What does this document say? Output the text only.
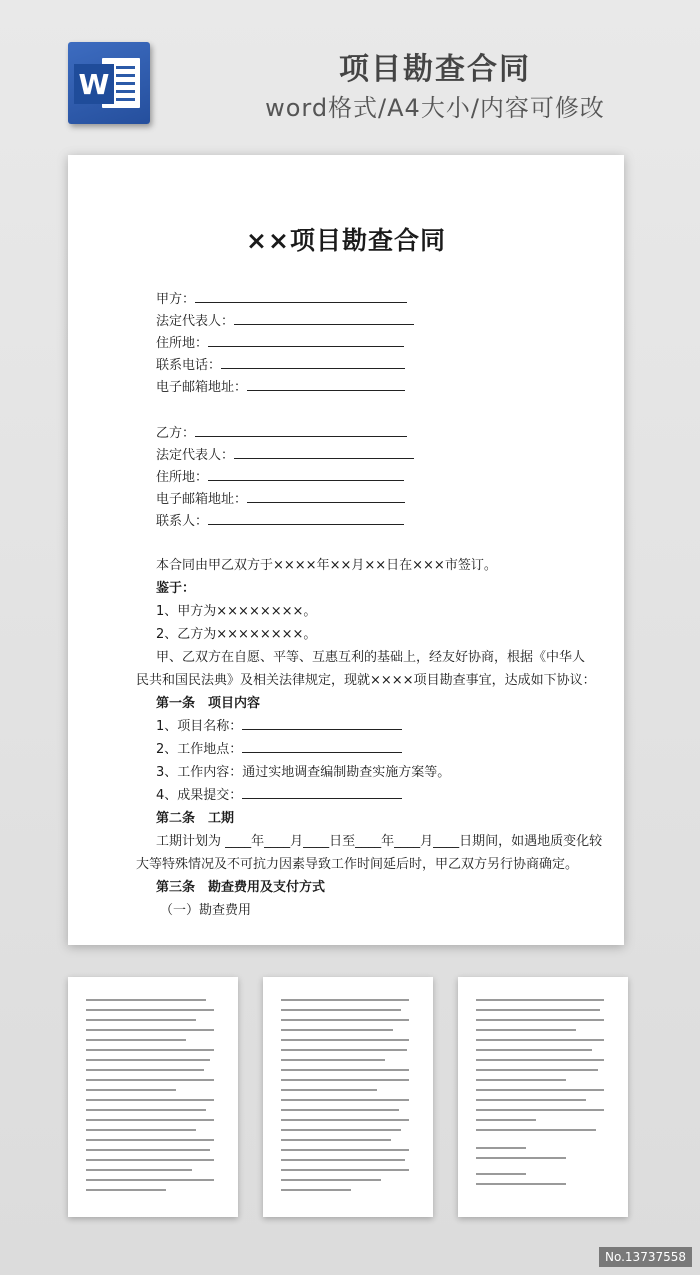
W	项目勘查合同
word格式/A4大小/内容可修改
××项目勘查合同
甲方：
法定代表人：
住所地：
联系电话：
电子邮箱地址：
乙方：
法定代表人：
住所地：
电子邮箱地址：
联系人：
本合同由甲乙双方于××××年××月××日在×××市签订。
鉴于：
1、甲方为××××××××。
2、乙方为××××××××。
甲、乙双方在自愿、平等、互惠互利的基础上，经友好协商，根据《中华人
民共和国民法典》及相关法律规定，现就××××项目勘查事宜，达成如下协议：
第一条　项目内容
1、项目名称：
2、工作地点：
3、工作内容：通过实地调查编制勘查实施方案等。
4、成果提交：
第二条　工期
工期计划为 ____年____月____日至____年____月____日期间，如遇地质变化较
大等特殊情况及不可抗力因素导致工作时间延后时，甲乙双方另行协商确定。
第三条　勘查费用及支付方式
（一）勘查费用
No.13737558
